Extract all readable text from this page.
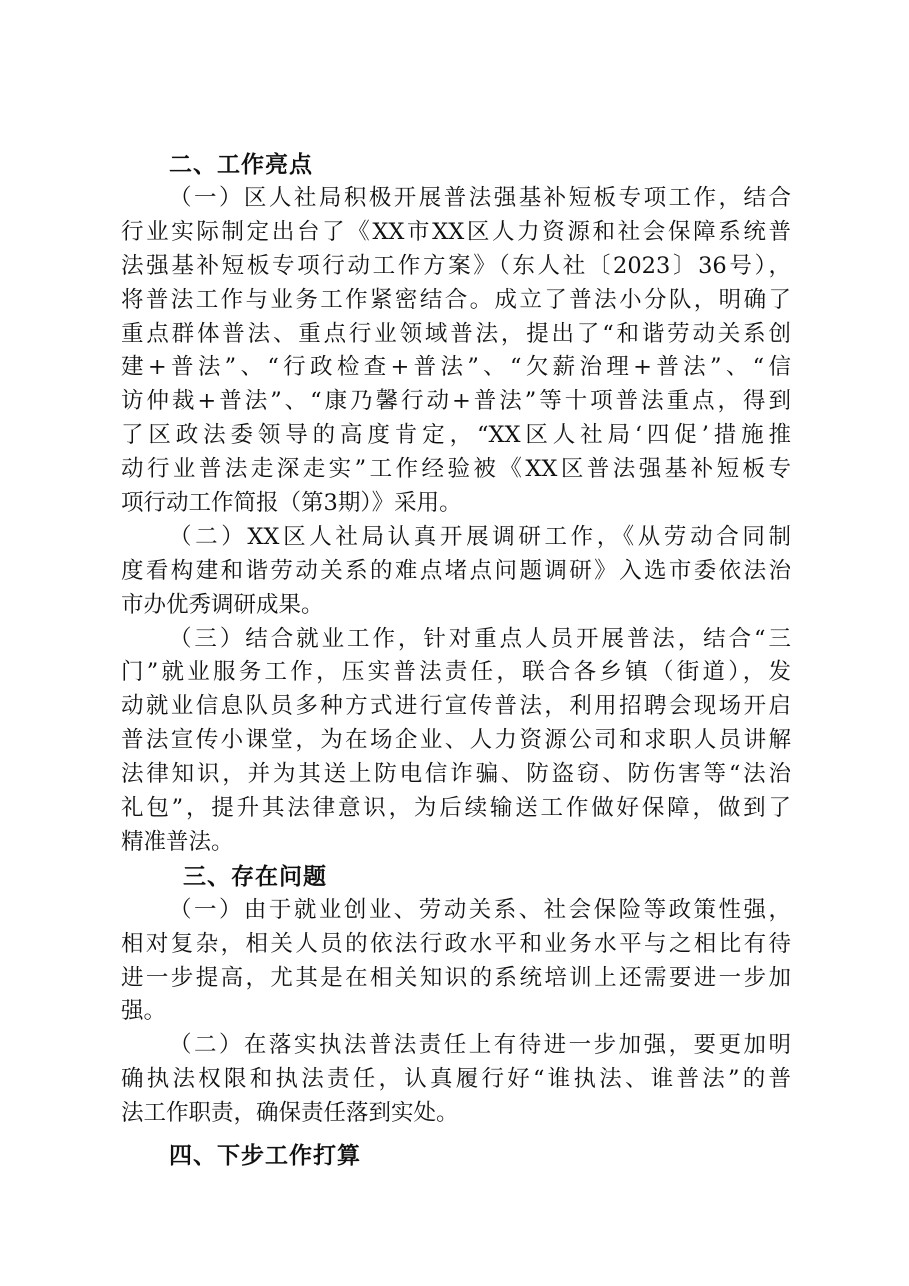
二、工作亮点
（一）区人社局积极开展普法强基补短板专项工作，结合
行业实际制定出台了《XX市XX区人力资源和社会保障系统普
法强基补短板专项行动工作方案》（东人社〔2023〕36号），
将普法工作与业务工作紧密结合。成立了普法小分队，明确了
重点群体普法、重点行业领域普法，提出了“和谐劳动关系创
建+普法”、“行政检查+普法”、“欠薪治理+普法”、“信
访仲裁+普法”、“康乃馨行动+普法”等十项普法重点，得到
了区政法委领导的高度肯定，“XX区人社局‘四促’措施推
动行业普法走深走实”工作经验被《XX区普法强基补短板专
项行动工作简报（第3期）》采用。
（二）XX区人社局认真开展调研工作，《从劳动合同制
度看构建和谐劳动关系的难点堵点问题调研》入选市委依法治
市办优秀调研成果。
（三）结合就业工作，针对重点人员开展普法，结合“三
门”就业服务工作，压实普法责任，联合各乡镇（街道），发
动就业信息队员多种方式进行宣传普法，利用招聘会现场开启
普法宣传小课堂，为在场企业、人力资源公司和求职人员讲解
法律知识，并为其送上防电信诈骗、防盗窃、防伤害等“法治
礼包”，提升其法律意识，为后续输送工作做好保障，做到了
精准普法。
三、存在问题
（一）由于就业创业、劳动关系、社会保险等政策性强，
相对复杂，相关人员的依法行政水平和业务水平与之相比有待
进一步提高，尤其是在相关知识的系统培训上还需要进一步加
强。
（二）在落实执法普法责任上有待进一步加强，要更加明
确执法权限和执法责任，认真履行好“谁执法、谁普法”的普
法工作职责，确保责任落到实处。
四、下步工作打算
